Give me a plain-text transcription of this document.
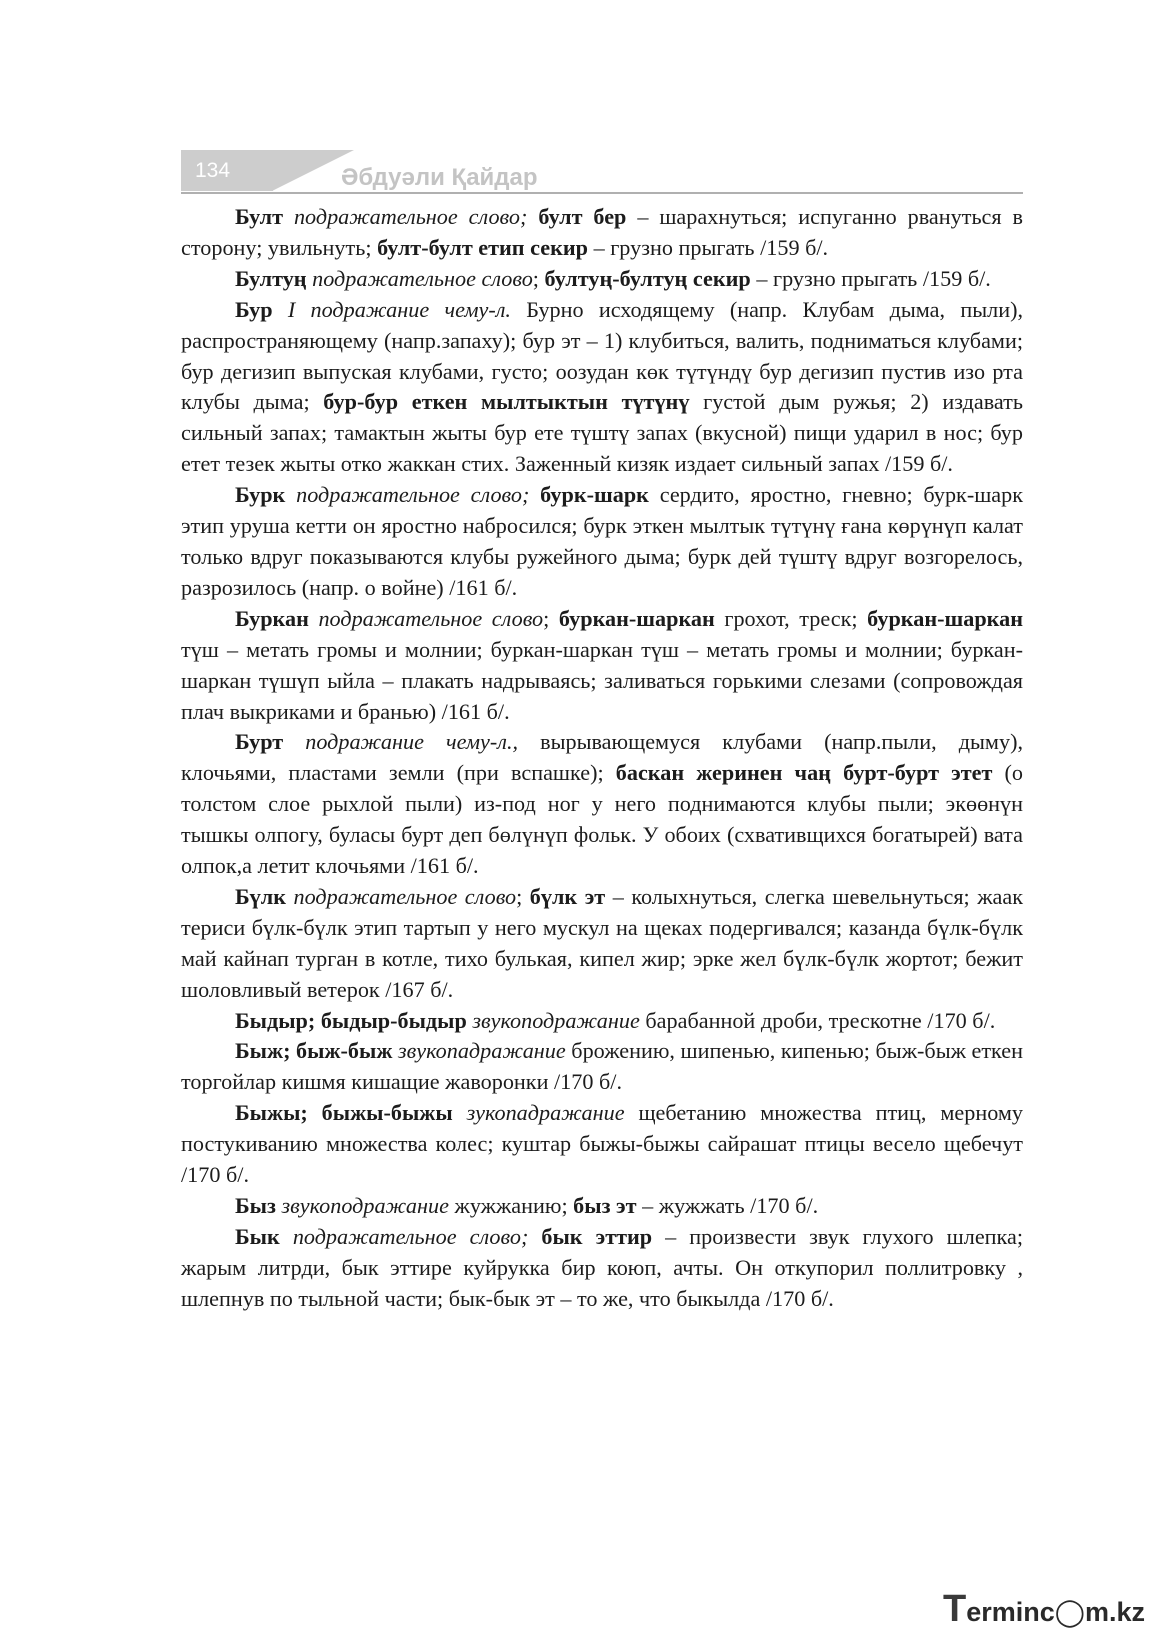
134	Әбдуәли Қайдар

Булт подражательное слово; булт бер – шарахнуться; испуганно рвануться в сторону; увильнуть; булт-булт етип секир – грузно прыгать /159 б/.

Бултуң подражательное слово; бултуң-бултуң секир – грузно прыгать /159 б/.

Бур I подражание чему-л. Бурно исходящему (напр. Клубам дыма, пыли), распространяющему (напр.запаху); бур эт – 1) клубиться, валить, подниматься клубами; бур дегизип выпуская клубами, густо; оозудан көк түтүндү бур дегизип пустив изо рта клубы дыма; бур-бур еткен мылтыктын түтүнү густой дым ружья; 2) издавать сильный запах; тамактын жыты бур ете түштү запах (вкусной) пищи ударил в нос; бур етет тезек жыты отко жаккан стих. Заженный кизяк издает сильный запах /159 б/.

Бурк подражательное слово; бурк-шарк сердито, яростно, гневно; бурк-шарк этип уруша кетти он яростно набросился; бурк эткен мылтык түтүнү ғана көрүнүп калат только вдруг показываются клубы ружейного дыма; бурк дей түштү вдруг возгорелось, разрозилось (напр. о войне) /161 б/.

Буркан подражательное слово; буркан-шаркан грохот, треск; буркан-шаркан түш – метать громы и молнии; буркан-шаркан түш – метать громы и молнии; буркан-шаркан түшүп ыйла – плакать надрываясь; заливаться горькими слезами (сопровождая плач выкриками и бранью) /161 б/.

Бурт подражание чему-л., вырывающемуся клубами (напр.пыли, дыму), клочьями, пластами земли (при вспашке); баскан жеринен чаң бурт-бурт этет (о толстом слое рыхлой пыли) из-под ног у него поднимаются клубы пыли; экөөнүн тышкы олпогу, буласы бурт деп бөлүнүп фольк. У обоих (схвативщихся богатырей) вата олпок,а летит клочьями /161 б/.

Бүлк подражательное слово; бүлк эт – колыхнуться, слегка шевельнуться; жаак териси бүлк-бүлк этип тартып у него мускул на щеках подергивался; казанда бүлк-бүлк май кайнап турган в котле, тихо булькая, кипел жир; эрке жел бүлк-бүлк жортот; бежит шоловливый ветерок /167 б/.

Быдыр; быдыр-быдыр звукоподражание барабанной дроби, трескотне /170 б/.

Быж; быж-быж звукопадражание брожению, шипенью, кипенью; быж-быж еткен торгойлар кишмя кишащие жаворонки /170 б/.

Быжы; быжы-быжы зукопадражание щебетанию множества птиц, мерному постукиванию множества колес; куштар быжы-быжы сайрашат птицы весело щебечут /170 б/.

Быз звукоподражание жужжанию; быз эт – жужжать /170 б/.

Бык подражательное слово; бык эттир – произвести звук глухого шлепка; жарым литрди, бык эттире куйрукка бир коюп, ачты. Он откупорил поллитровку , шлепнув по тыльной части; бык-бык эт – то же, что быкылда /170 б/.

T erminc◯m.kz
